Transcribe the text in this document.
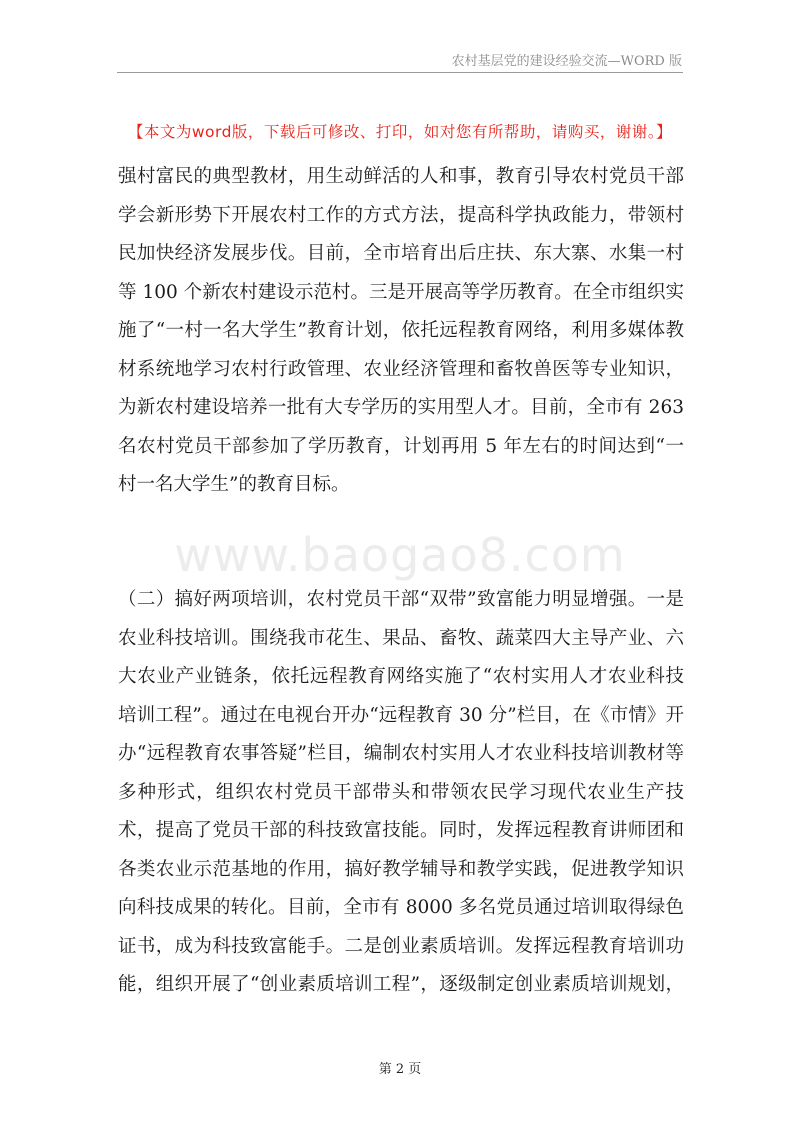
农村基层党的建设经验交流—WORD 版
【本文为word版，下载后可修改、打印，如对您有所帮助，请购买，谢谢。】
www.baogao8.com
强村富民的典型教材，用生动鲜活的人和事，教育引导农村党员干部
学会新形势下开展农村工作的方式方法，提高科学执政能力，带领村
民加快经济发展步伐。目前，全市培育出后庄扶、东大寨、水集一村
等 100 个新农村建设示范村。三是开展高等学历教育。在全市组织实
施了“一村一名大学生”教育计划，依托远程教育网络，利用多媒体教
材系统地学习农村行政管理、农业经济管理和畜牧兽医等专业知识，
为新农村建设培养一批有大专学历的实用型人才。目前，全市有 263
名农村党员干部参加了学历教育，计划再用 5 年左右的时间达到“一
村一名大学生”的教育目标。
（二）搞好两项培训，农村党员干部“双带”致富能力明显增强。一是
农业科技培训。围绕我市花生、果品、畜牧、蔬菜四大主导产业、六
大农业产业链条，依托远程教育网络实施了“农村实用人才农业科技
培训工程”。通过在电视台开办“远程教育 30 分”栏目，在《市情》开
办“远程教育农事答疑”栏目，编制农村实用人才农业科技培训教材等
多种形式，组织农村党员干部带头和带领农民学习现代农业生产技
术，提高了党员干部的科技致富技能。同时，发挥远程教育讲师团和
各类农业示范基地的作用，搞好教学辅导和教学实践，促进教学知识
向科技成果的转化。目前，全市有 8000 多名党员通过培训取得绿色
证书，成为科技致富能手。二是创业素质培训。发挥远程教育培训功
能，组织开展了“创业素质培训工程”，逐级制定创业素质培训规划，
第 2 页
